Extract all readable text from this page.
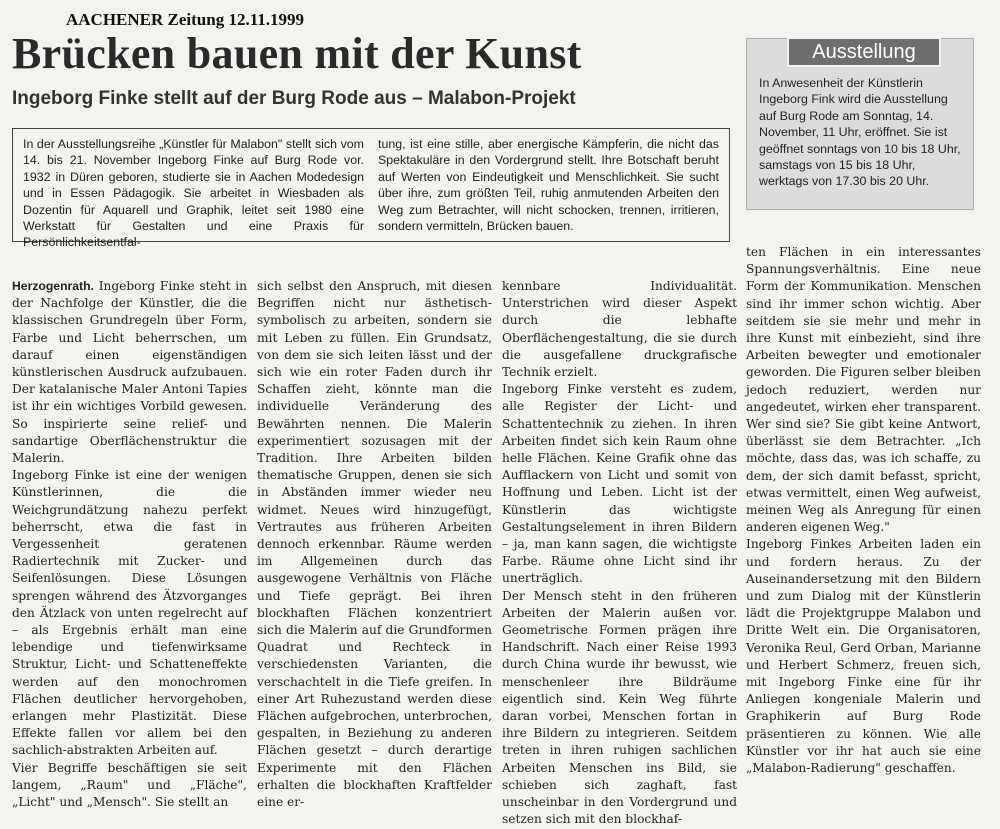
AACHENER Zeitung 12.11.1999
Brücken bauen mit der Kunst
Ingeborg Finke stellt auf der Burg Rode aus – Malabon-Projekt
In der Ausstellungsreihe „Künstler für Malabon" stellt sich vom 14. bis 21. November Ingeborg Finke auf Burg Rode vor. 1932 in Düren geboren, studierte sie in Aachen Modedesign und in Essen Pädagogik. Sie arbeitet in Wiesbaden als Dozentin für Aquarell und Graphik, leitet seit 1980 eine Werkstatt für Gestalten und eine Praxis für Persönlichkeitsentfal-
tung, ist eine stille, aber energische Kämpferin, die nicht das Spektakuläre in den Vordergrund stellt. Ihre Botschaft beruht auf Werten von Eindeutigkeit und Menschlichkeit. Sie sucht über ihre, zum größten Teil, ruhig anmutenden Arbeiten den Weg zum Betrachter, will nicht schocken, trennen, irritieren, sondern vermitteln, Brücken bauen.
Ausstellung
In Anwesenheit der Künstlerin Ingeborg Fink wird die Ausstellung auf Burg Rode am Sonntag, 14. November, 11 Uhr, eröffnet. Sie ist geöffnet sonntags von 10 bis 18 Uhr, samstags von 15 bis 18 Uhr, werktags von 17.30 bis 20 Uhr.

Herzogenrath. Ingeborg Finke steht in der Nachfolge der Künstler, die die klassischen Grundregeln über Form, Farbe und Licht beherrschen, um darauf einen eigenständigen künstlerischen Ausdruck aufzubauen. Der katalanische Maler Antoni Tapies ist ihr ein wichtiges Vorbild gewesen. So inspirierte seine relief- und sandartige Oberflächenstruktur die Malerin.

Ingeborg Finke ist eine der wenigen Künstlerinnen, die die Weichgrundätzung nahezu perfekt beherrscht, etwa die fast in Vergessenheit geratenen Radiertechnik mit Zucker- und Seifenlösungen. Diese Lösungen sprengen während des Ätzvorganges den Ätzlack von unten regelrecht auf – als Ergebnis erhält man eine lebendige und tiefenwirksame Struktur, Licht- und Schatteneffekte werden auf den monochromen Flächen deutlicher hervorgehoben, erlangen mehr Plastizität. Diese Effekte fallen vor allem bei den sachlich-abstrakten Arbeiten auf.

Vier Begriffe beschäftigen sie seit langem, „Raum" und „Fläche", „Licht" und „Mensch". Sie stellt an

sich selbst den Anspruch, mit diesen Begriffen nicht nur ästhetisch-symbolisch zu arbeiten, sondern sie mit Leben zu füllen. Ein Grundsatz, von dem sie sich leiten lässt und der sich wie ein roter Faden durch ihr Schaffen zieht, könnte man die individuelle Veränderung des Bewährten nennen. Die Malerin experimentiert sozusagen mit der Tradition. Ihre Arbeiten bilden thematische Gruppen, denen sie sich in Abständen immer wieder neu widmet. Neues wird hinzugefügt, Vertrautes aus früheren Arbeiten dennoch erkennbar. Räume werden im Allgemeinen durch das ausgewogene Verhältnis von Fläche und Tiefe geprägt. Bei ihren blockhaften Flächen konzentriert sich die Malerin auf die Grundformen Quadrat und Rechteck in verschiedensten Varianten, die verschachtelt in die Tiefe greifen. In einer Art Ruhezustand werden diese Flächen aufgebrochen, unterbrochen, gespalten, in Beziehung zu anderen Flächen gesetzt – durch derartige Experimente mit den Flächen erhalten die blockhaften Kraftfelder eine er-

kennbare Individualität. Unterstrichen wird dieser Aspekt durch die lebhafte Oberflächengestaltung, die sie durch die ausgefallene druckgrafische Technik erzielt.

Ingeborg Finke versteht es zudem, alle Register der Licht- und Schattentechnik zu ziehen. In ihren Arbeiten findet sich kein Raum ohne helle Flächen. Keine Grafik ohne das Aufflackern von Licht und somit von Hoffnung und Leben. Licht ist der Künstlerin das wichtigste Gestaltungselement in ihren Bildern – ja, man kann sagen, die wichtigste Farbe. Räume ohne Licht sind ihr unerträglich.

Der Mensch steht in den früheren Arbeiten der Malerin außen vor. Geometrische Formen prägen ihre Handschrift. Nach einer Reise 1993 durch China wurde ihr bewusst, wie menschenleer ihre Bildräume eigentlich sind. Kein Weg führte daran vorbei, Menschen fortan in ihre Bildern zu integrieren. Seitdem treten in ihren ruhigen sachlichen Arbeiten Menschen ins Bild, sie schieben sich zaghaft, fast unscheinbar in den Vordergrund und setzen sich mit den blockhaf-

ten Flächen in ein interessantes Spannungsverhältnis. Eine neue Form der Kommunikation. Menschen sind ihr immer schon wichtig. Aber seitdem sie sie mehr und mehr in ihre Kunst mit einbezieht, sind ihre Arbeiten bewegter und emotionaler geworden. Die Figuren selber bleiben jedoch reduziert, werden nur angedeutet, wirken eher transparent. Wer sind sie? Sie gibt keine Antwort, überlässt sie dem Betrachter. „Ich möchte, dass das, was ich schaffe, zu dem, der sich damit befasst, spricht, etwas vermittelt, einen Weg aufweist, meinen Weg als Anregung für einen anderen eigenen Weg."

Ingeborg Finkes Arbeiten laden ein und fordern heraus. Zu der Auseinandersetzung mit den Bildern und zum Dialog mit der Künstlerin lädt die Projektgruppe Malabon und Dritte Welt ein. Die Organisatoren, Veronika Reul, Gerd Orban, Marianne und Herbert Schmerz, freuen sich, mit Ingeborg Finke eine für ihr Anliegen kongeniale Malerin und Graphikerin auf Burg Rode präsentieren zu können. Wie alle Künstler vor ihr hat auch sie eine „Malabon-Radierung" geschaffen.
